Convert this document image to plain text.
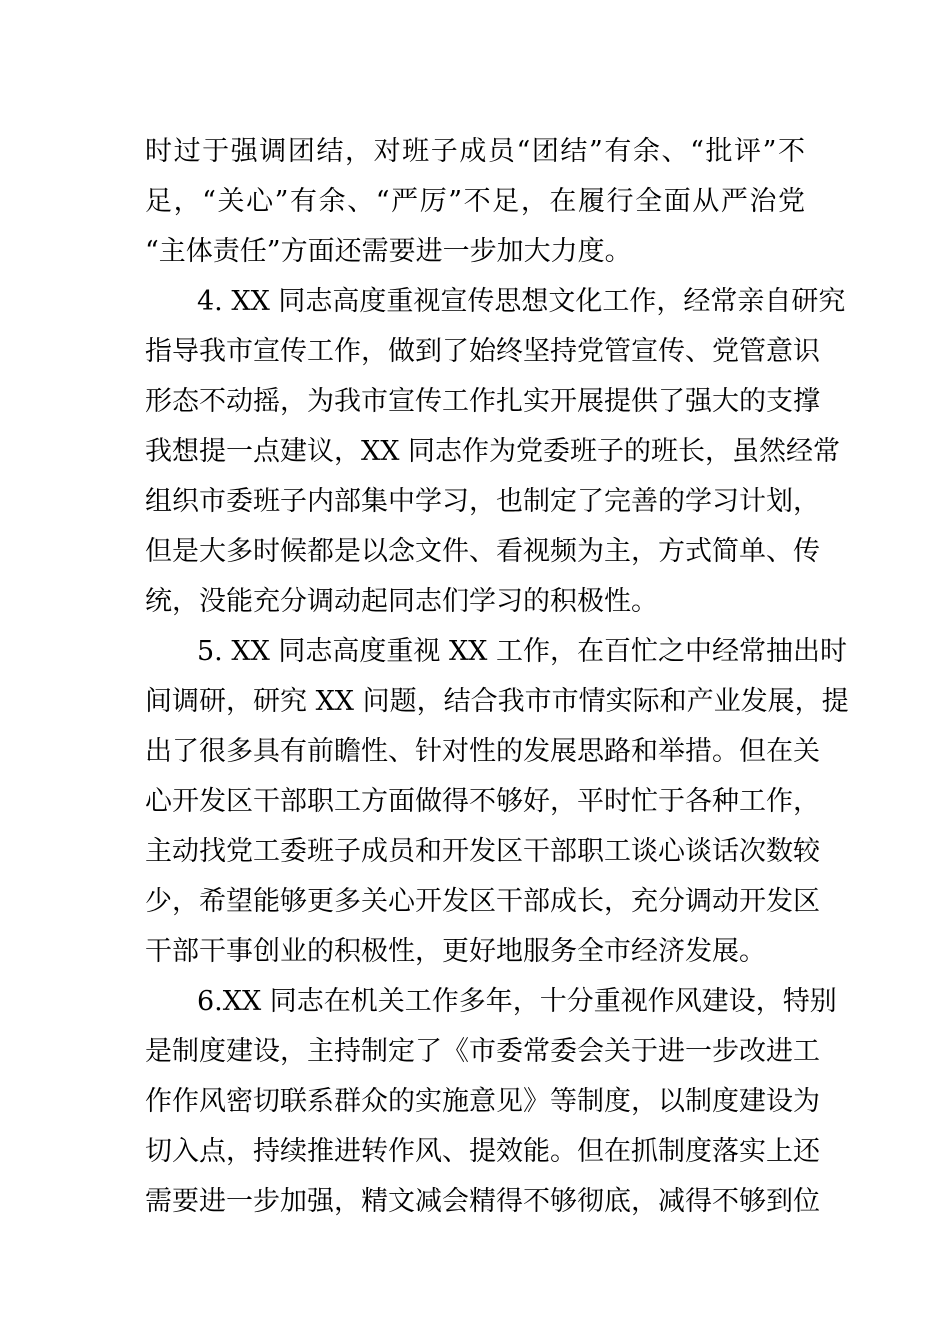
时过于强调团结，对班子成员“团结”有余、“批评”不
足，“关心”有余、“严厉”不足，在履行全面从严治党
“主体责任”方面还需要进一步加大力度。
4. XX 同志高度重视宣传思想文化工作，经常亲自研究
指导我市宣传工作，做到了始终坚持党管宣传、党管意识
形态不动摇，为我市宣传工作扎实开展提供了强大的支撑
我想提一点建议，XX 同志作为党委班子的班长，虽然经常
组织市委班子内部集中学习，也制定了完善的学习计划，
但是大多时候都是以念文件、看视频为主，方式简单、传
统，没能充分调动起同志们学习的积极性。
5. XX 同志高度重视 XX 工作，在百忙之中经常抽出时
间调研，研究 XX 问题，结合我市市情实际和产业发展，提
出了很多具有前瞻性、针对性的发展思路和举措。但在关
心开发区干部职工方面做得不够好，平时忙于各种工作，
主动找党工委班子成员和开发区干部职工谈心谈话次数较
少，希望能够更多关心开发区干部成长，充分调动开发区
干部干事创业的积极性，更好地服务全市经济发展。
6.XX 同志在机关工作多年，十分重视作风建设，特别
是制度建设，主持制定了《市委常委会关于进一步改进工
作作风密切联系群众的实施意见》等制度，以制度建设为
切入点，持续推进转作风、提效能。但在抓制度落实上还
需要进一步加强，精文减会精得不够彻底，减得不够到位
